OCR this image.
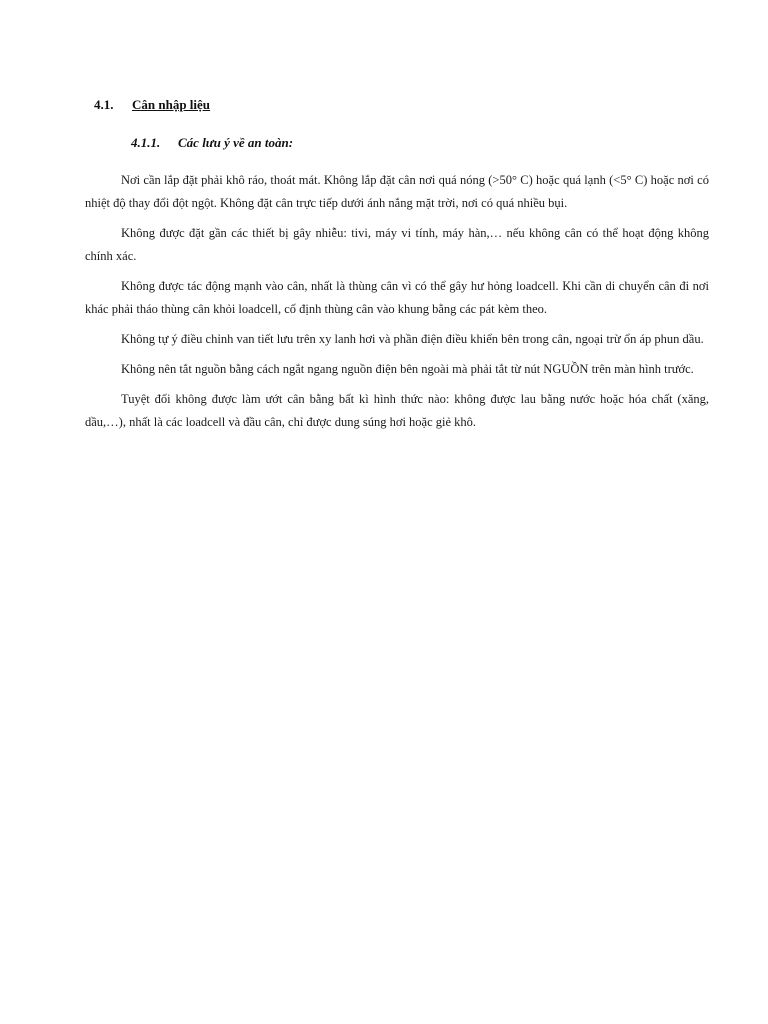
4.1. Cân nhập liệu
4.1.1. Các lưu ý về an toàn:

Nơi cần lắp đặt phải khô ráo, thoát mát. Không lắp đặt cân nơi quá nóng (>50° C) hoặc quá lạnh (<5° C) hoặc nơi có nhiệt độ thay đổi đột ngột. Không đặt cân trực tiếp dưới ánh nắng mặt trời, nơi có quá nhiều bụi.

Không được đặt gần các thiết bị gây nhiễu: tivi, máy vi tính, máy hàn,… nếu không cân có thể hoạt động không chính xác.

Không được tác động mạnh vào cân, nhất là thùng cân vì có thể gây hư hỏng loadcell. Khi cần di chuyển cân đi nơi khác phải tháo thùng cân khỏi loadcell, cố định thùng cân vào khung bằng các pát kèm theo.

Không tự ý điều chỉnh van tiết lưu trên xy lanh hơi và phần điện điều khiển bên trong cân, ngoại trừ ổn áp phun dầu.

Không nên tắt nguồn bằng cách ngắt ngang nguồn điện bên ngoài mà phải tắt từ nút NGUỒN trên màn hình trước.

Tuyệt đối không được làm ướt cân bằng bất kì hình thức nào: không được lau bằng nước hoặc hóa chất (xăng, dầu,…), nhất là các loadcell và đầu cân, chỉ được dung súng hơi hoặc giẻ khô.
